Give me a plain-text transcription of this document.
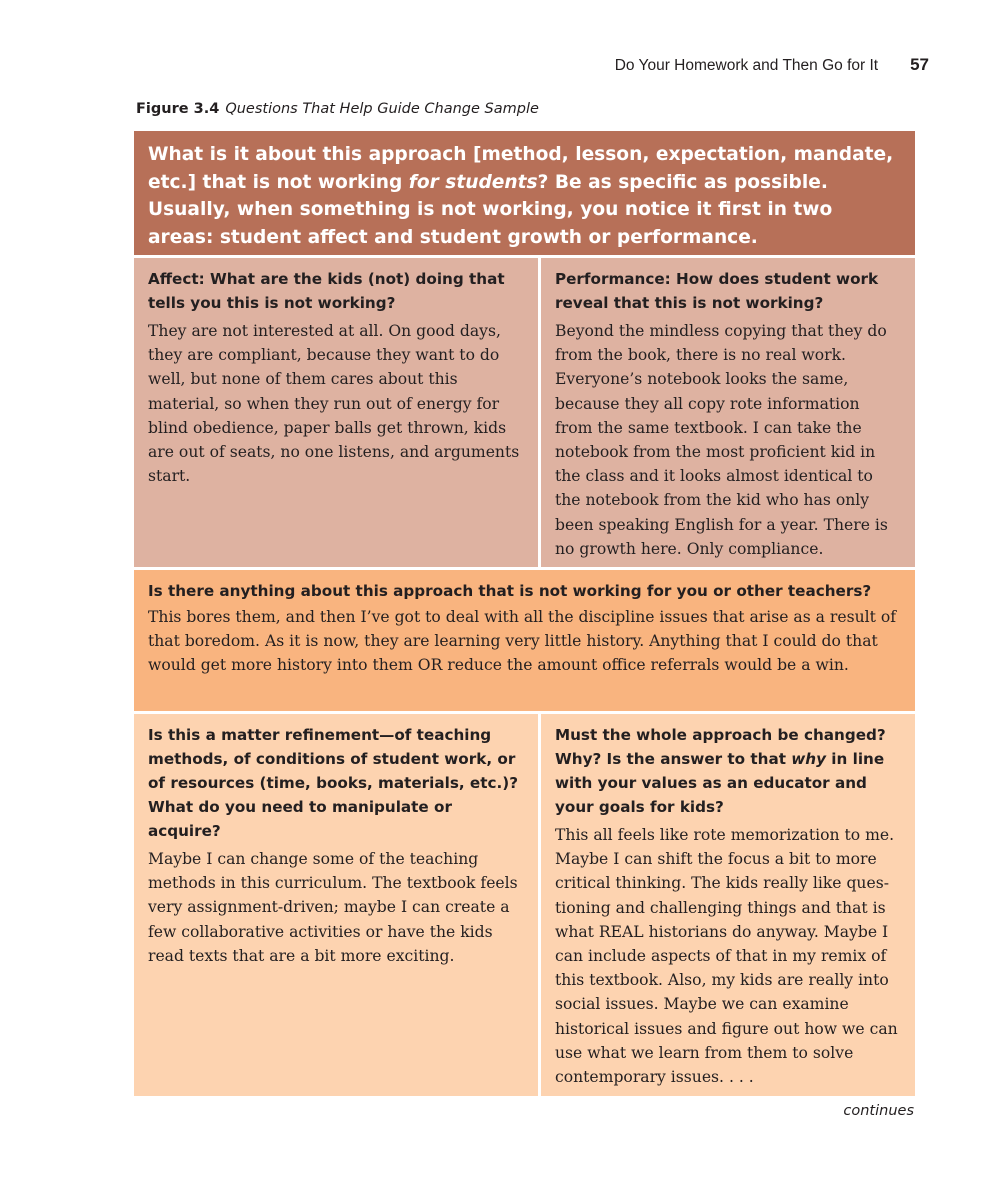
Do Your Homework and Then Go for It 57
Figure 3.4 Questions That Help Guide Change Sample
What is it about this approach [method, lesson, expectation, mandate, etc.] that is not working for students? Be as specific as possible. Usually, when something is not working, you notice it first in two areas: student affect and student growth or performance.
Affect: What are the kids (not) doing that tells you this is not working?
They are not interested at all. On good days, they are compliant, because they want to do well, but none of them cares about this material, so when they run out of energy for blind obedience, paper balls get thrown, kids are out of seats, no one listens, and arguments start.
Performance: How does student work reveal that this is not working?
Beyond the mindless copying that they do from the book, there is no real work. Everyone’s notebook looks the same, because they all copy rote information from the same textbook. I can take the notebook from the most proficient kid in the class and it looks almost identical to the notebook from the kid who has only been speaking English for a year. There is no growth here. Only compliance.
Is there anything about this approach that is not working for you or other teachers?
This bores them, and then I’ve got to deal with all the discipline issues that arise as a result of that boredom. As it is now, they are learning very little history. Anything that I could do that would get more history into them OR reduce the amount office referrals would be a win.
Is this a matter refinement—of teaching methods, of conditions of student work, or of resources (time, books, materials, etc.)? What do you need to manipulate or acquire?
Maybe I can change some of the teaching methods in this curriculum. The textbook feels very assignment-driven; maybe I can create a few collaborative activities or have the kids read texts that are a bit more exciting.
Must the whole approach be changed? Why? Is the answer to that why in line with your values as an educator and your goals for kids?
This all feels like rote memorization to me. Maybe I can shift the focus a bit to more critical thinking. The kids really like ques-tioning and challenging things and that is what REAL historians do anyway. Maybe I can include aspects of that in my remix of this textbook. Also, my kids are really into social issues. Maybe we can examine historical issues and figure out how we can use what we learn from them to solve contemporary issues. . . .
continues
